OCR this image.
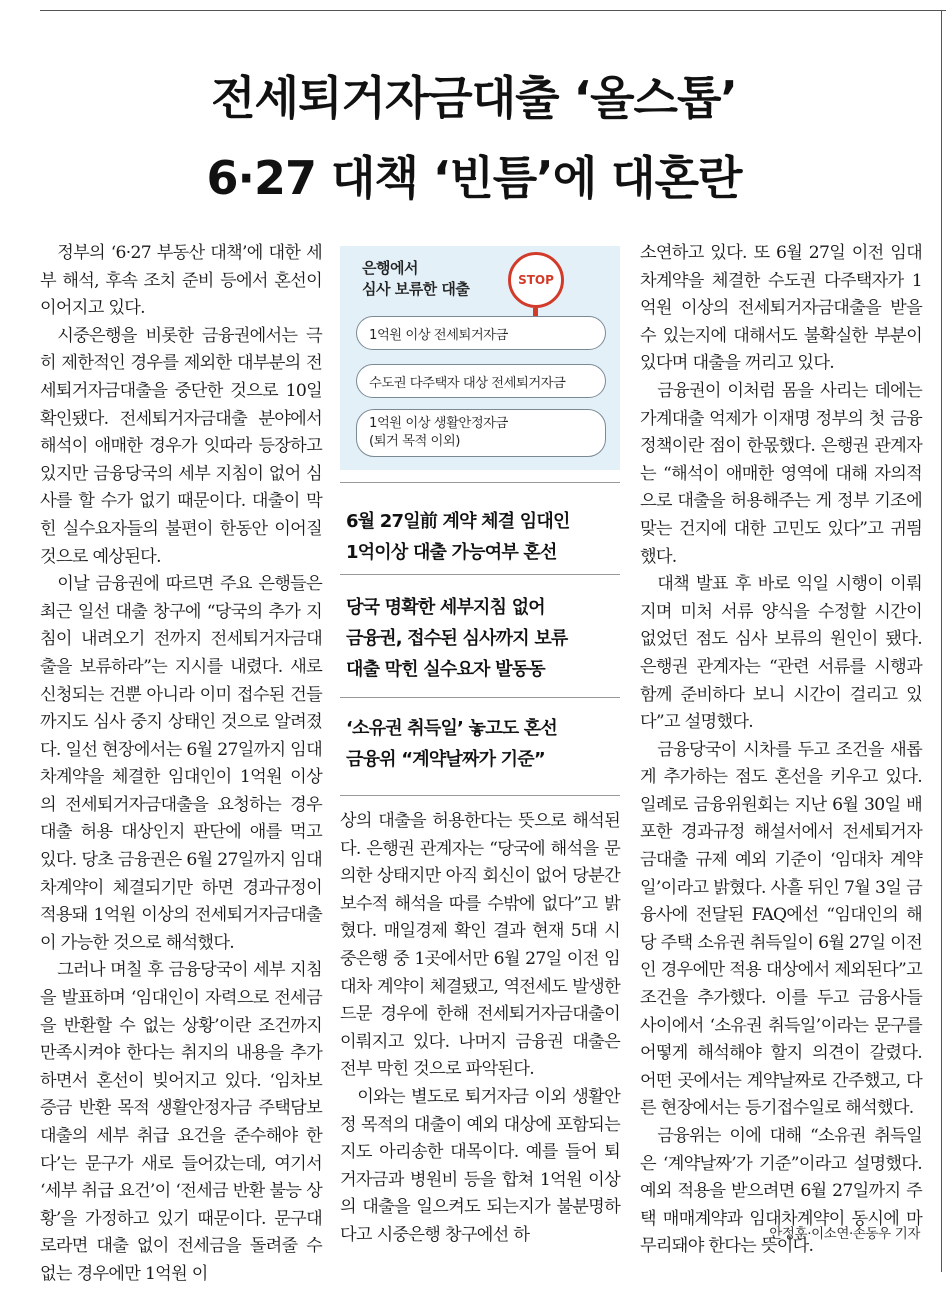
전세퇴거자금대출 ‘올스톱’
6·27 대책 ‘빈틈’에 대혼란

정부의 ‘6·27 부동산 대책’에 대한 세부 해석, 후속 조치 준비 등에서 혼선이 이어지고 있다.

시중은행을 비롯한 금융권에서는 극히 제한적인 경우를 제외한 대부분의 전세퇴거자금대출을 중단한 것으로 10일 확인됐다. 전세퇴거자금대출 분야에서 해석이 애매한 경우가 잇따라 등장하고 있지만 금융당국의 세부 지침이 없어 심사를 할 수가 없기 때문이다. 대출이 막힌 실수요자들의 불편이 한동안 이어질 것으로 예상된다.

이날 금융권에 따르면 주요 은행들은 최근 일선 대출 창구에 “당국의 추가 지침이 내려오기 전까지 전세퇴거자금대출을 보류하라”는 지시를 내렸다. 새로 신청되는 건뿐 아니라 이미 접수된 건들까지도 심사 중지 상태인 것으로 알려졌다. 일선 현장에서는 6월 27일까지 임대차계약을 체결한 임대인이 1억원 이상의 전세퇴거자금대출을 요청하는 경우 대출 허용 대상인지 판단에 애를 먹고 있다. 당초 금융권은 6월 27일까지 임대차계약이 체결되기만 하면 경과규정이 적용돼 1억원 이상의 전세퇴거자금대출이 가능한 것으로 해석했다.

그러나 며칠 후 금융당국이 세부 지침을 발표하며 ‘임대인이 자력으로 전세금을 반환할 수 없는 상황’이란 조건까지 만족시켜야 한다는 취지의 내용을 추가하면서 혼선이 빚어지고 있다. ‘임차보증금 반환 목적 생활안정자금 주택담보대출의 세부 취급 요건을 준수해야 한다’는 문구가 새로 들어갔는데, 여기서 ‘세부 취급 요건’이 ‘전세금 반환 불능 상황’을 가정하고 있기 때문이다. 문구대로라면 대출 없이 전세금을 돌려줄 수 없는 경우에만 1억원 이

은행에서
심사 보류한 대출	STOP
1억원 이상 전세퇴거자금
수도권 다주택자 대상 전세퇴거자금
1억원 이상 생활안정자금
(퇴거 목적 이외)
6월 27일前 계약 체결 임대인
1억이상 대출 가능여부 혼선
당국 명확한 세부지침 없어
금융권, 접수된 심사까지 보류
대출 막힌 실수요자 발동동
‘소유권 취득일’ 놓고도 혼선
금융위 “계약날짜가 기준”

상의 대출을 허용한다는 뜻으로 해석된다. 은행권 관계자는 “당국에 해석을 문의한 상태지만 아직 회신이 없어 당분간 보수적 해석을 따를 수밖에 없다”고 밝혔다. 매일경제 확인 결과 현재 5대 시중은행 중 1곳에서만 6월 27일 이전 임대차 계약이 체결됐고, 역전세도 발생한 드문 경우에 한해 전세퇴거자금대출이 이뤄지고 있다. 나머지 금융권 대출은 전부 막힌 것으로 파악된다.

이와는 별도로 퇴거자금 이외 생활안정 목적의 대출이 예외 대상에 포함되는지도 아리송한 대목이다. 예를 들어 퇴거자금과 병원비 등을 합쳐 1억원 이상의 대출을 일으켜도 되는지가 불분명하다고 시중은행 창구에선 하

소연하고 있다. 또 6월 27일 이전 임대차계약을 체결한 수도권 다주택자가 1억원 이상의 전세퇴거자금대출을 받을 수 있는지에 대해서도 불확실한 부분이 있다며 대출을 꺼리고 있다.

금융권이 이처럼 몸을 사리는 데에는 가계대출 억제가 이재명 정부의 첫 금융 정책이란 점이 한몫했다. 은행권 관계자는 “해석이 애매한 영역에 대해 자의적으로 대출을 허용해주는 게 정부 기조에 맞는 건지에 대한 고민도 있다”고 귀띔했다.

대책 발표 후 바로 익일 시행이 이뤄지며 미처 서류 양식을 수정할 시간이 없었던 점도 심사 보류의 원인이 됐다. 은행권 관계자는 “관련 서류를 시행과 함께 준비하다 보니 시간이 걸리고 있다”고 설명했다.

금융당국이 시차를 두고 조건을 새롭게 추가하는 점도 혼선을 키우고 있다. 일례로 금융위원회는 지난 6월 30일 배포한 경과규정 해설서에서 전세퇴거자금대출 규제 예외 기준이 ‘임대차 계약일’이라고 밝혔다. 사흘 뒤인 7월 3일 금융사에 전달된 FAQ에선 “임대인의 해당 주택 소유권 취득일이 6월 27일 이전인 경우에만 적용 대상에서 제외된다”고 조건을 추가했다. 이를 두고 금융사들 사이에서 ‘소유권 취득일’이라는 문구를 어떻게 해석해야 할지 의견이 갈렸다. 어떤 곳에서는 계약날짜로 간주했고, 다른 현장에서는 등기접수일로 해석했다.

금융위는 이에 대해 “소유권 취득일은 ‘계약날짜’가 기준”이라고 설명했다. 예외 적용을 받으려면 6월 27일까지 주택 매매계약과 임대차계약이 동시에 마무리돼야 한다는 뜻이다.

안정훈·이소연·손동우 기자
